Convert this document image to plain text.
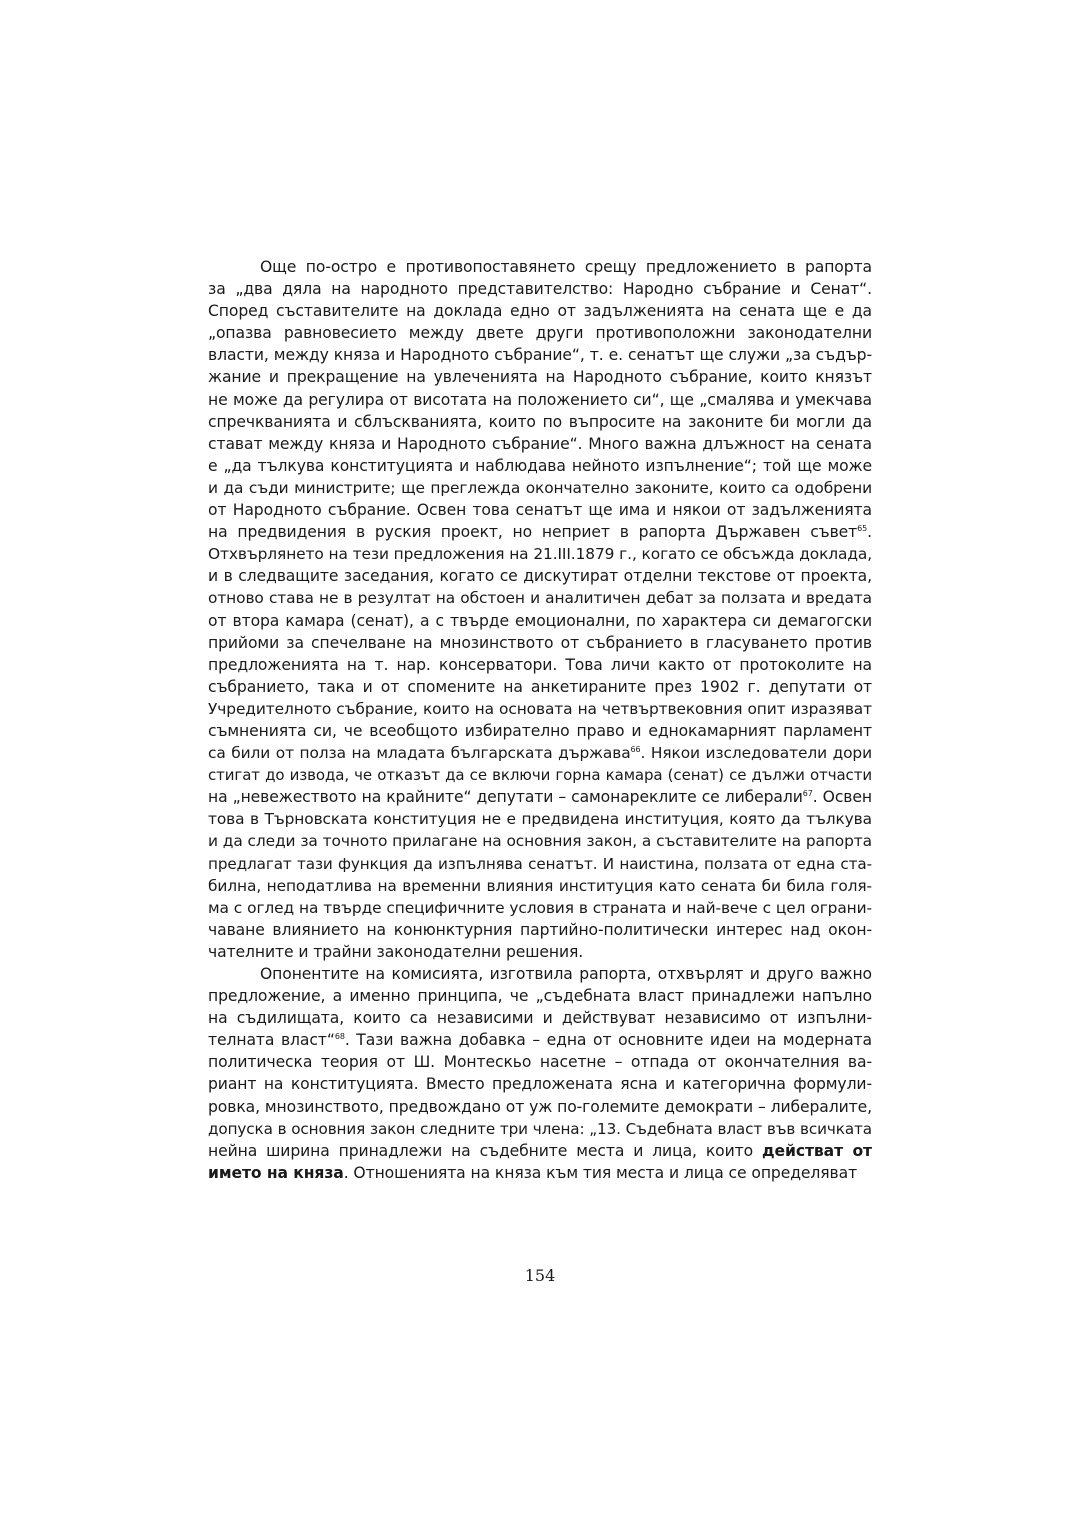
Още по-остро е противопоставянето срещу предложението в рапорта
за „два дяла на народното представителство: Народно събрание и Сенат“.
Според съставителите на доклада едно от задълженията на сената ще е да
„опазва равновесието между двете други противоположни законодателни
власти, между княза и Народното събрание“, т. е. сенатът ще служи „за съдър-
жание и прекращение на увлеченията на Народното събрание, които князът
не може да регулира от висотата на положението си“, ще „смалява и умекчава
спречкванията и сблъскванията, които по въпросите на законите би могли да
стават между княза и Народното събрание“. Много важна длъжност на сената
е „да тълкува конституцията и наблюдава нейното изпълнение“; той ще може
и да съди министрите; ще преглежда окончателно законите, които са одобрени
от Народното събрание. Освен това сенатът ще има и някои от задълженията
на предвидения в руския проект, но неприет в рапорта Държавен съвет$^{65}$.
Отхвърлянето на тези предложения на 21.III.1879 г., когато се обсъжда доклада,
и в следващите заседания, когато се дискутират отделни текстове от проекта,
отново става не в резултат на обстоен и аналитичен дебат за ползата и вредата
от втора камара (сенат), а с твърде емоционални, по характера си демагогски
прийоми за спечелване на мнозинството от събранието в гласуването против
предложенията на т. нар. консерватори. Това личи както от протоколите на
събранието, така и от спомените на анкетираните през 1902 г. депутати от
Учредителното събрание, които на основата на четвъртвековния опит изразяват
съмненията си, че всеобщото избирателно право и еднокамарният парламент
са били от полза на младата българската държава$^{66}$. Някои изследователи дори
стигат до извода, че отказът да се включи горна камара (сенат) се дължи отчасти
на „невежеството на крайните“ депутати – самонареклите се либерали$^{67}$. Освен
това в Търновската конституция не е предвидена институция, която да тълкува
и да следи за точното прилагане на основния закон, а съставителите на рапорта
предлагат тази функция да изпълнява сенатът. И наистина, ползата от една ста-
билна, неподатлива на временни влияния институция като сената би била голя-
ма с оглед на твърде специфичните условия в страната и най-вече с цел ограни-
чаване влиянието на конюнктурния партийно-политически интерес над окон-
чателните и трайни законодателни решения.
Опонентите на комисията, изготвила рапорта, отхвърлят и друго важно
предложение, а именно принципа, че „съдебната власт принадлежи напълно
на съдилищата, които са независими и действуват независимо от изпълни-
телната власт“$^{68}$. Тази важна добавка – една от основните идеи на модерната
политическа теория от Ш. Монтескьо насетне – отпада от окончателния ва-
риант на конституцията. Вместо предложената ясна и категорична формули-
ровка, мнозинството, предвождано от уж по-големите демократи – либералите,
допуска в основния закон следните три члена: „13. Съдебната власт във всичката
нейна ширина принадлежи на съдебните места и лица, които действат от
името на княза. Отношенията на княза към тия места и лица се определяват
154
